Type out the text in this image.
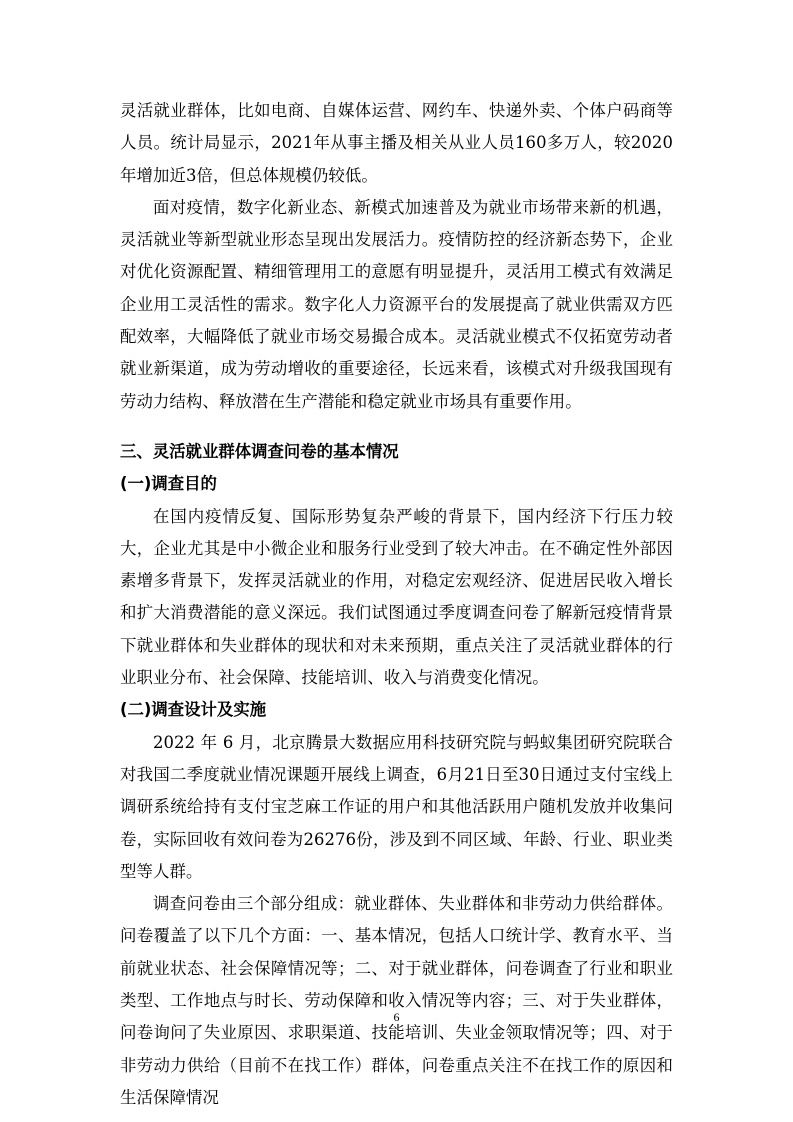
灵活就业群体，比如电商、自媒体运营、网约车、快递外卖、个体户码商等人员。统计局显示，2021年从事主播及相关从业人员160多万人，较2020年增加近3倍，但总体规模仍较低。

面对疫情，数字化新业态、新模式加速普及为就业市场带来新的机遇，灵活就业等新型就业形态呈现出发展活力。疫情防控的经济新态势下，企业对优化资源配置、精细管理用工的意愿有明显提升，灵活用工模式有效满足企业用工灵活性的需求。数字化人力资源平台的发展提高了就业供需双方匹配效率，大幅降低了就业市场交易撮合成本。灵活就业模式不仅拓宽劳动者就业新渠道，成为劳动增收的重要途径，长远来看，该模式对升级我国现有劳动力结构、释放潜在生产潜能和稳定就业市场具有重要作用。

三、灵活就业群体调查问卷的基本情况

(一)调查目的

在国内疫情反复、国际形势复杂严峻的背景下，国内经济下行压力较大，企业尤其是中小微企业和服务行业受到了较大冲击。在不确定性外部因素增多背景下，发挥灵活就业的作用，对稳定宏观经济、促进居民收入增长和扩大消费潜能的意义深远。我们试图通过季度调查问卷了解新冠疫情背景下就业群体和失业群体的现状和对未来预期，重点关注了灵活就业群体的行业职业分布、社会保障、技能培训、收入与消费变化情况。

(二)调查设计及实施

2022 年 6 月，北京腾景大数据应用科技研究院与蚂蚁集团研究院联合对我国二季度就业情况课题开展线上调查，6月21日至30日通过支付宝线上调研系统给持有支付宝芝麻工作证的用户和其他活跃用户随机发放并收集问卷，实际回收有效问卷为26276份，涉及到不同区域、年龄、行业、职业类型等人群。

调查问卷由三个部分组成：就业群体、失业群体和非劳动力供给群体。问卷覆盖了以下几个方面：一、基本情况，包括人口统计学、教育水平、当前就业状态、社会保障情况等；二、对于就业群体，问卷调查了行业和职业类型、工作地点与时长、劳动保障和收入情况等内容；三、对于失业群体，问卷询问了失业原因、求职渠道、技能培训、失业金领取情况等；四、对于非劳动力供给（目前不在找工作）群体，问卷重点关注不在找工作的原因和生活保障情况

6
